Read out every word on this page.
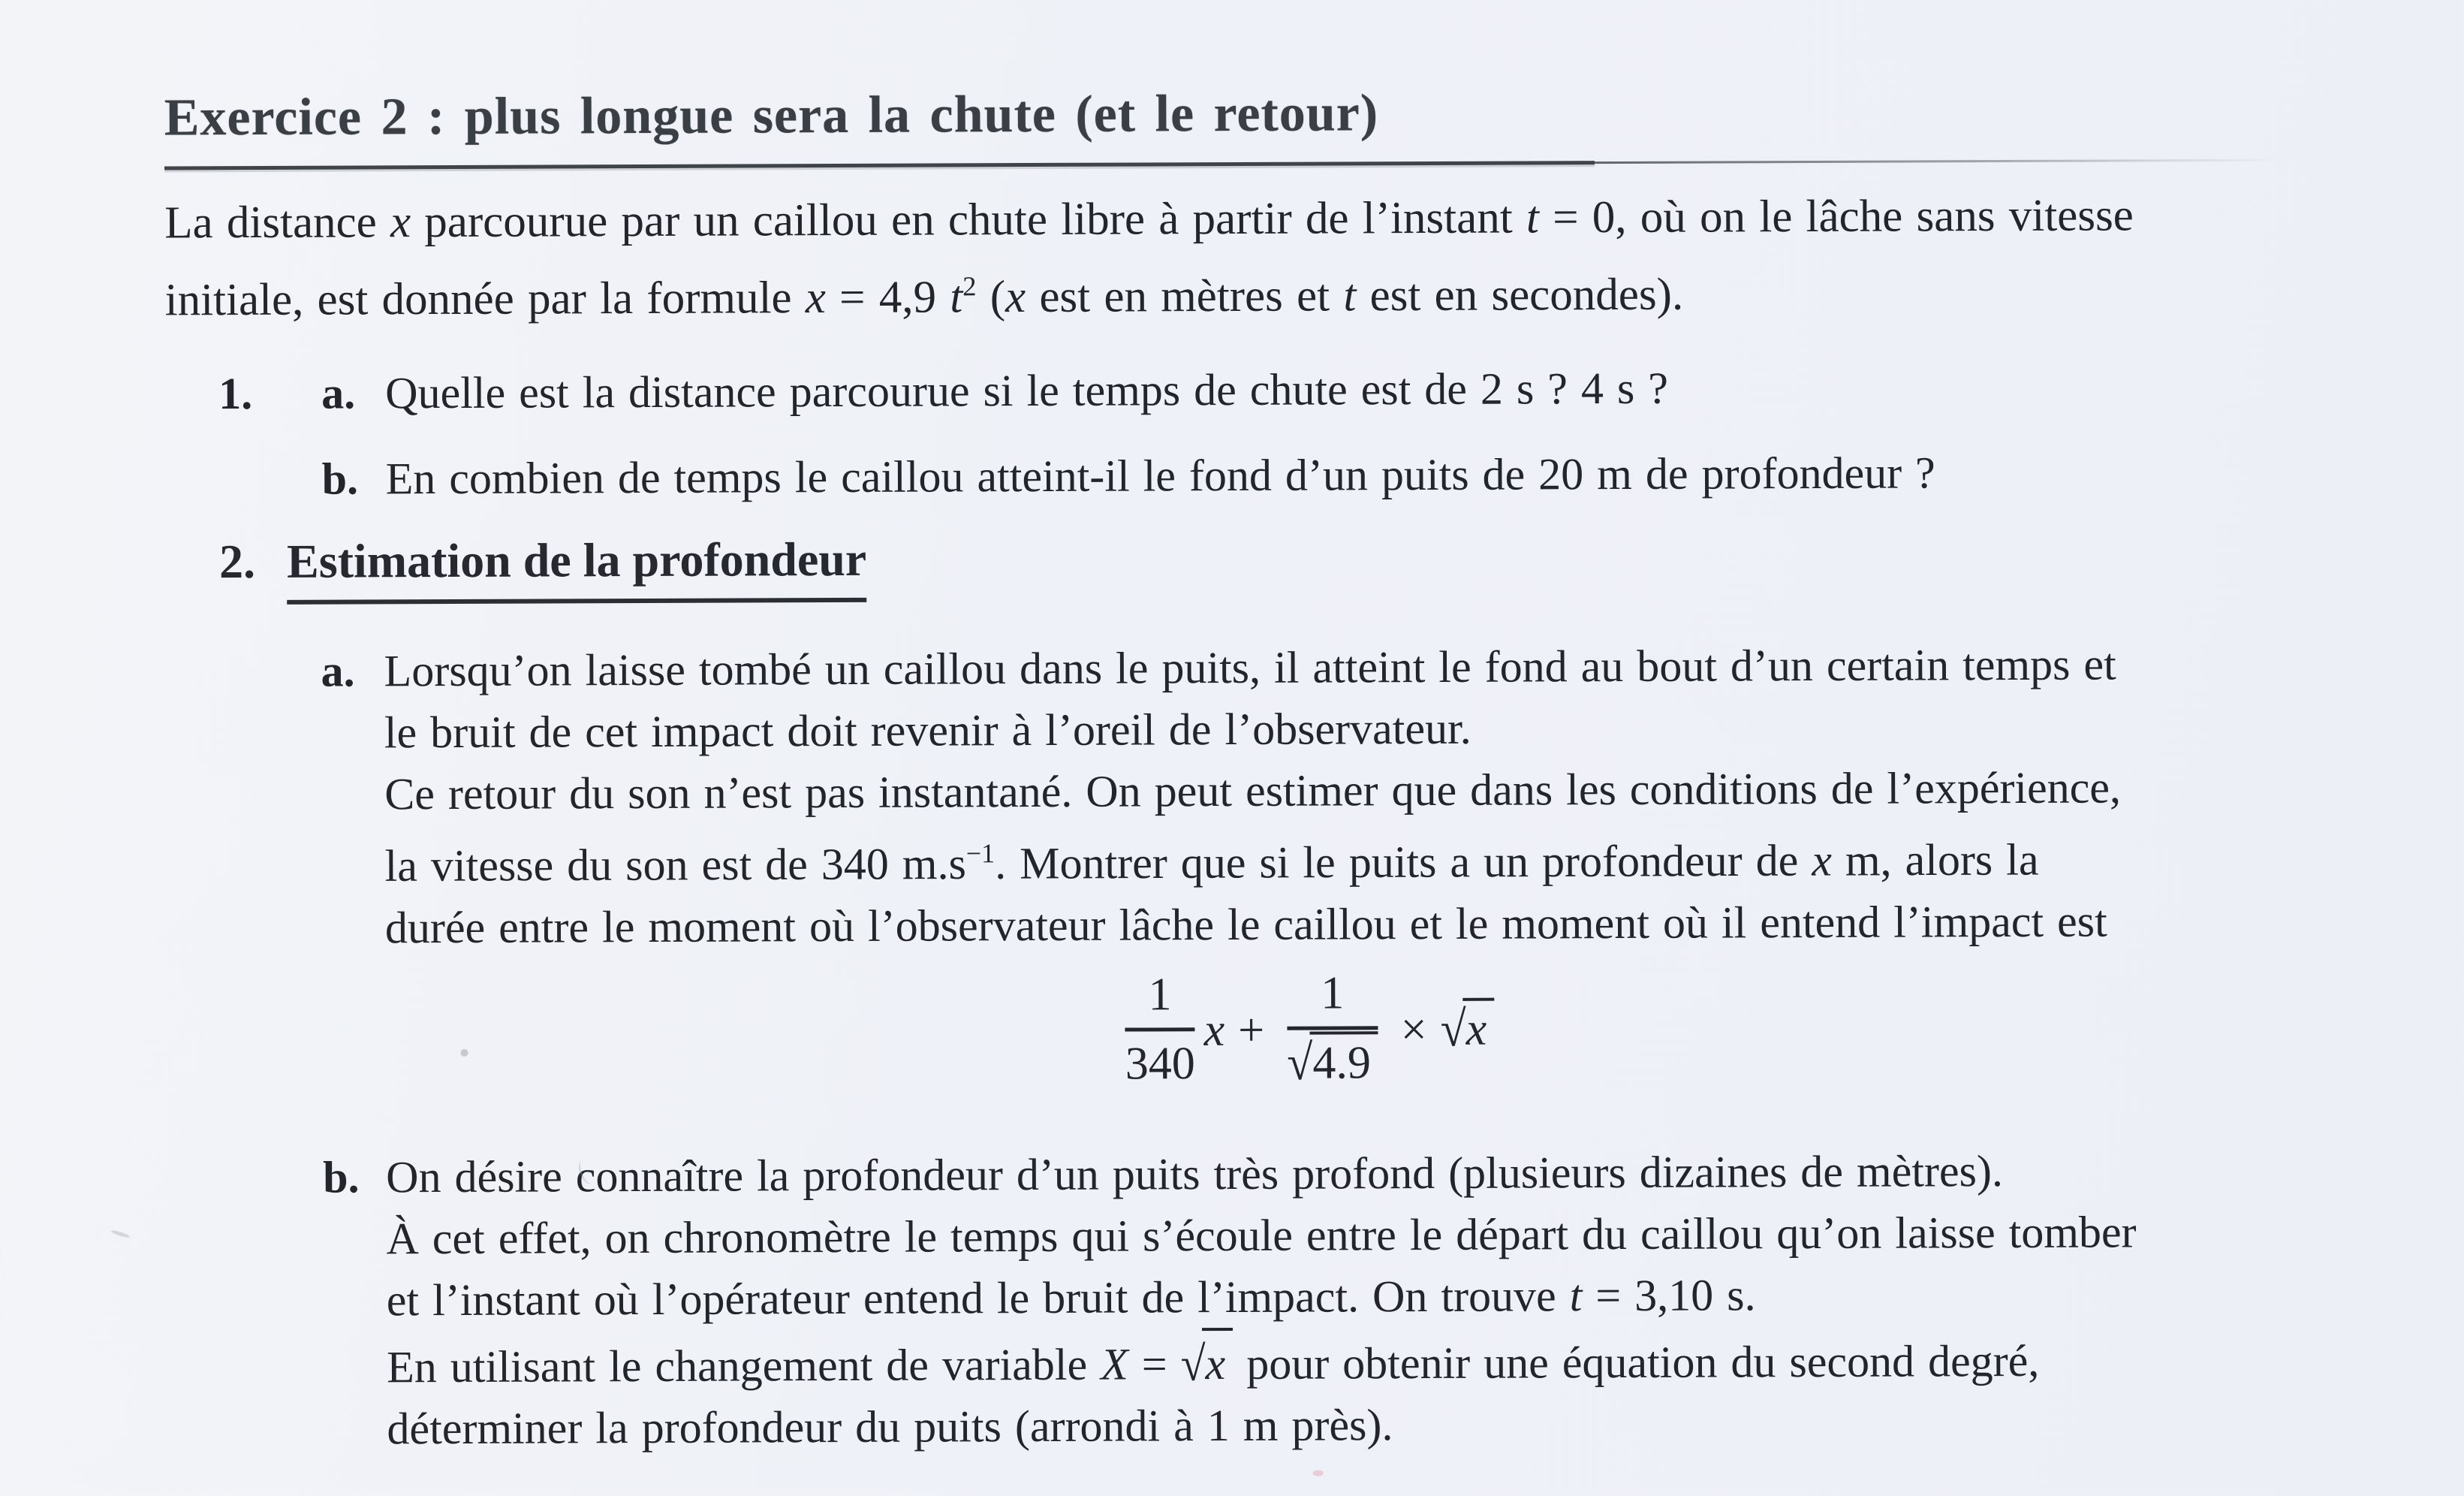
Exercice 2 : plus longue sera la chute (et le retour)
La distance x parcourue par un caillou en chute libre à partir de l’instant t = 0, où on le lâche sans vitesse
initiale, est donnée par la formule x = 4,9 $t^2$ (x est en mètres et t est en secondes).
1. a. Quelle est la distance parcourue si le temps de chute est de 2 s ? 4 s ?
b. En combien de temps le caillou atteint-il le fond d’un puits de 20 m de profondeur ?
2. Estimation de la profondeur
a. Lorsqu’on laisse tombé un caillou dans le puits, il atteint le fond au bout d’un certain temps et
le bruit de cet impact doit revenir à l’oreil de l’observateur.
Ce retour du son n’est pas instantané. On peut estimer que dans les conditions de l’expérience,
la vitesse du son est de 340 $m.s^{-1}$. Montrer que si le puits a un profondeur de x m, alors la
durée entre le moment où l’observateur lâche le caillou et le moment où il entend l’impact est
$\frac{1}{340}$ $x + \frac{1}{√4.9} \times √x$
b. On désire connaître la profondeur d’un puits très profond (plusieurs dizaines de mètres).
À cet effet, on chronomètre le temps qui s’écoule entre le départ du caillou qu’on laisse tomber
et l’instant où l’opérateur entend le bruit de l’impact. On trouve t = 3,10 s.
En utilisant le changement de variable X = √x pour obtenir une équation du second degré,
déterminer la profondeur du puits (arrondi à 1 m près).
